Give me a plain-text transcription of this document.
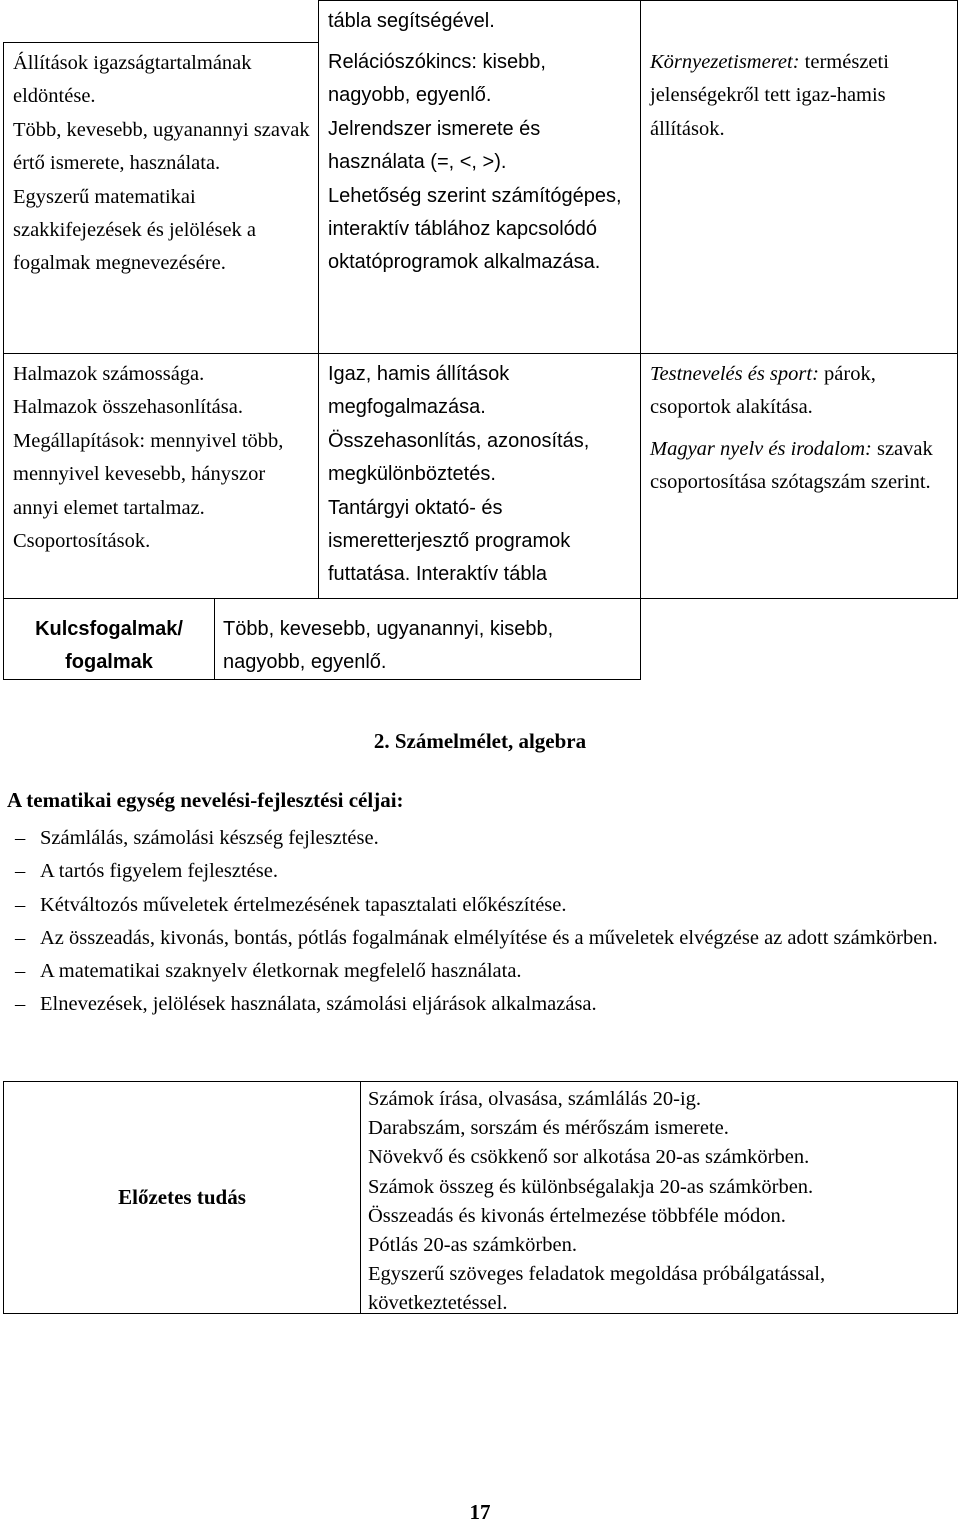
Állítások igazságtartalmának eldöntése.
Több, kevesebb, ugyanannyi szavak értő ismerete, használata.
Egyszerű matematikai szakkifejezések és jelölések a fogalmak megnevezésére.
tábla segítségével.
Relációszókincs: kisebb, nagyobb, egyenlő.
Jelrendszer ismerete és használata (=, <, >).
Lehetőség szerint számítógépes, interaktív táblához kapcsolódó oktatóprogramok alkalmazása.
Környezetismeret: természeti jelenségekről tett igaz-hamis állítások.
Halmazok számossága.
Halmazok összehasonlítása.
Megállapítások: mennyivel több, mennyivel kevesebb, hányszor annyi elemet tartalmaz. Csoportosítások.
Igaz, hamis állítások megfogalmazása.
Összehasonlítás, azonosítás, megkülönböztetés.
Tantárgyi oktató- és ismeretterjesztő programok futtatása. Interaktív tábla
Testnevelés és sport: párok, csoportok alakítása.
Magyar nyelv és irodalom: szavak csoportosítása szótagszám szerint.
Kulcsfogalmak/ fogalmak
Több, kevesebb, ugyanannyi, kisebb, nagyobb, egyenlő.
2. Számelmélet, algebra
A tematikai egység nevelési-fejlesztési céljai:
– Számlálás, számolási készség fejlesztése.
– A tartós figyelem fejlesztése.
– Kétváltozós műveletek értelmezésének tapasztalati előkészítése.
– Az összeadás, kivonás, bontás, pótlás fogalmának elmélyítése és a műveletek elvégzése az adott számkörben.
– A matematikai szaknyelv életkornak megfelelő használata.
– Elnevezések, jelölések használata, számolási eljárások alkalmazása.
Előzetes tudás
Számok írása, olvasása, számlálás 20-ig.
Darabszám, sorszám és mérőszám ismerete.
Növekvő és csökkenő sor alkotása 20-as számkörben.
Számok összeg és különbségalakja 20-as számkörben.
Összeadás és kivonás értelmezése többféle módon.
Pótlás 20-as számkörben.
Egyszerű szöveges feladatok megoldása próbálgatással, következtetéssel.
17
